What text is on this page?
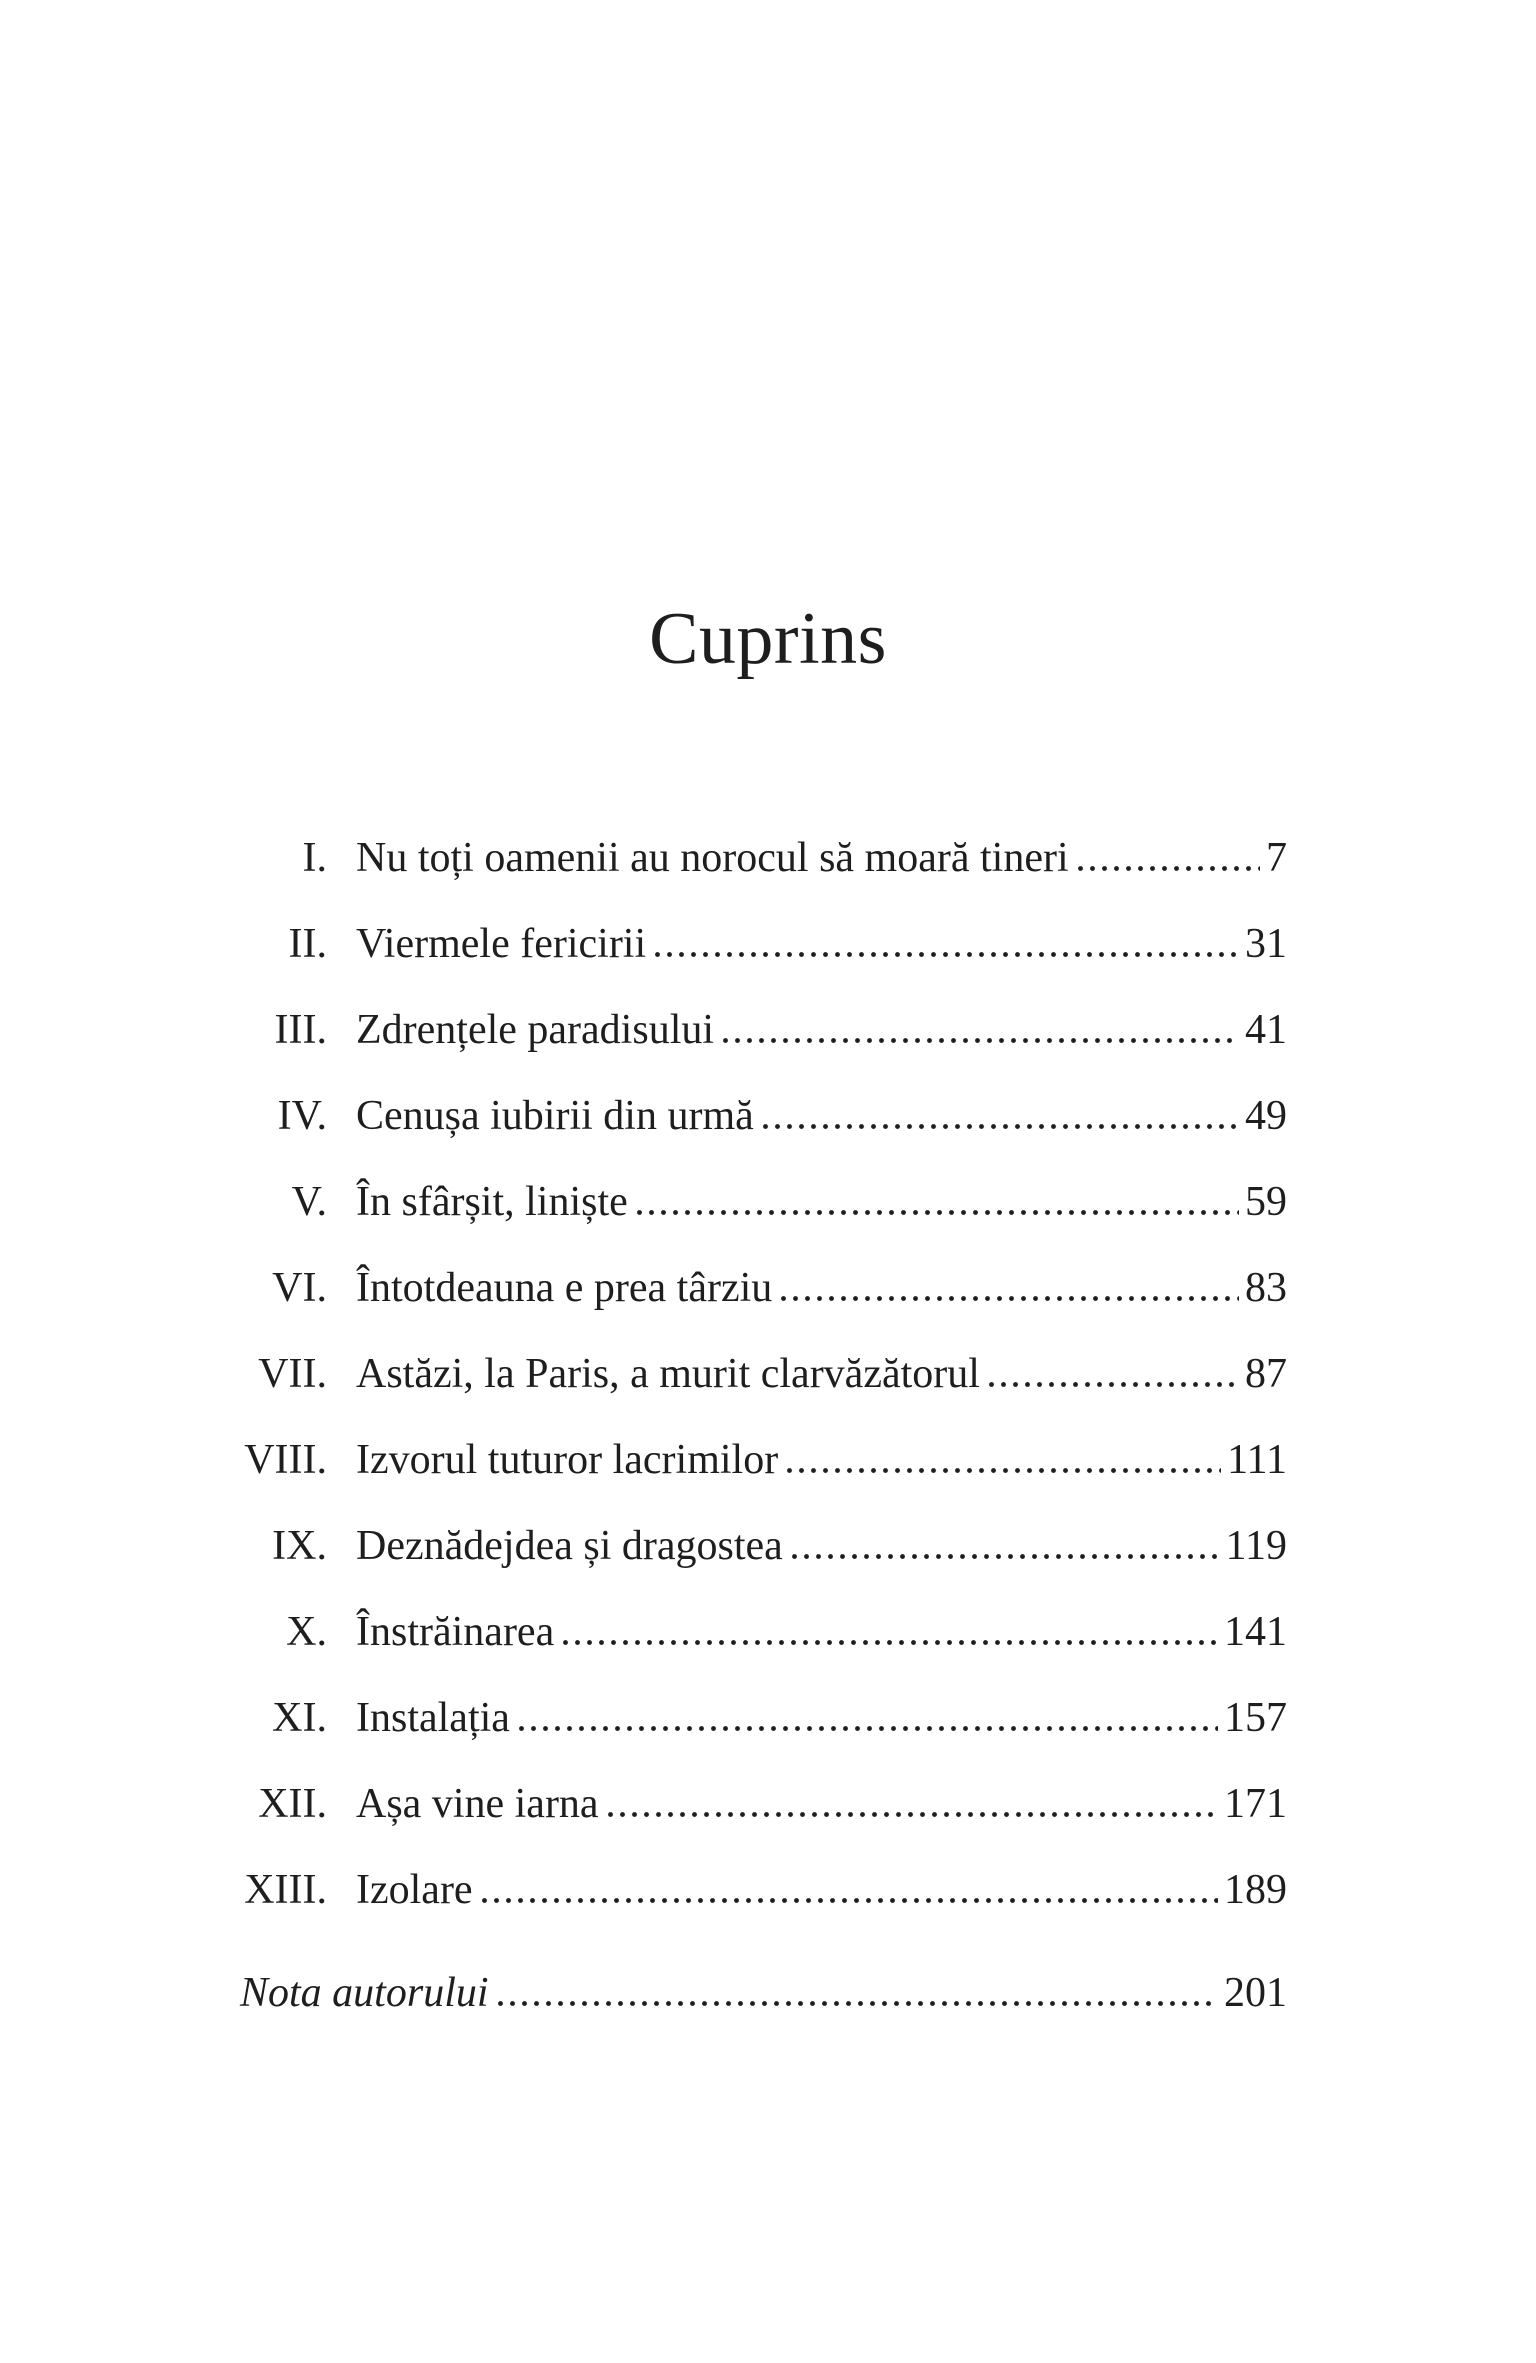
Cuprins
I. Nu toți oamenii au norocul să moară tineri	7
II. Viermele fericirii	31
III. Zdrențele paradisului	41
IV. Cenușa iubirii din urmă	49
V. În sfârșit, liniște	59
VI. Întotdeauna e prea târziu	83
VII. Astăzi, la Paris, a murit clarvăzătorul	87
VIII. Izvorul tuturor lacrimilor	111
IX. Deznădejdea și dragostea	119
X. Înstrăinarea	141
XI. Instalația	157
XII. Așa vine iarna	171
XIII. Izolare	189
Nota autorului	201
